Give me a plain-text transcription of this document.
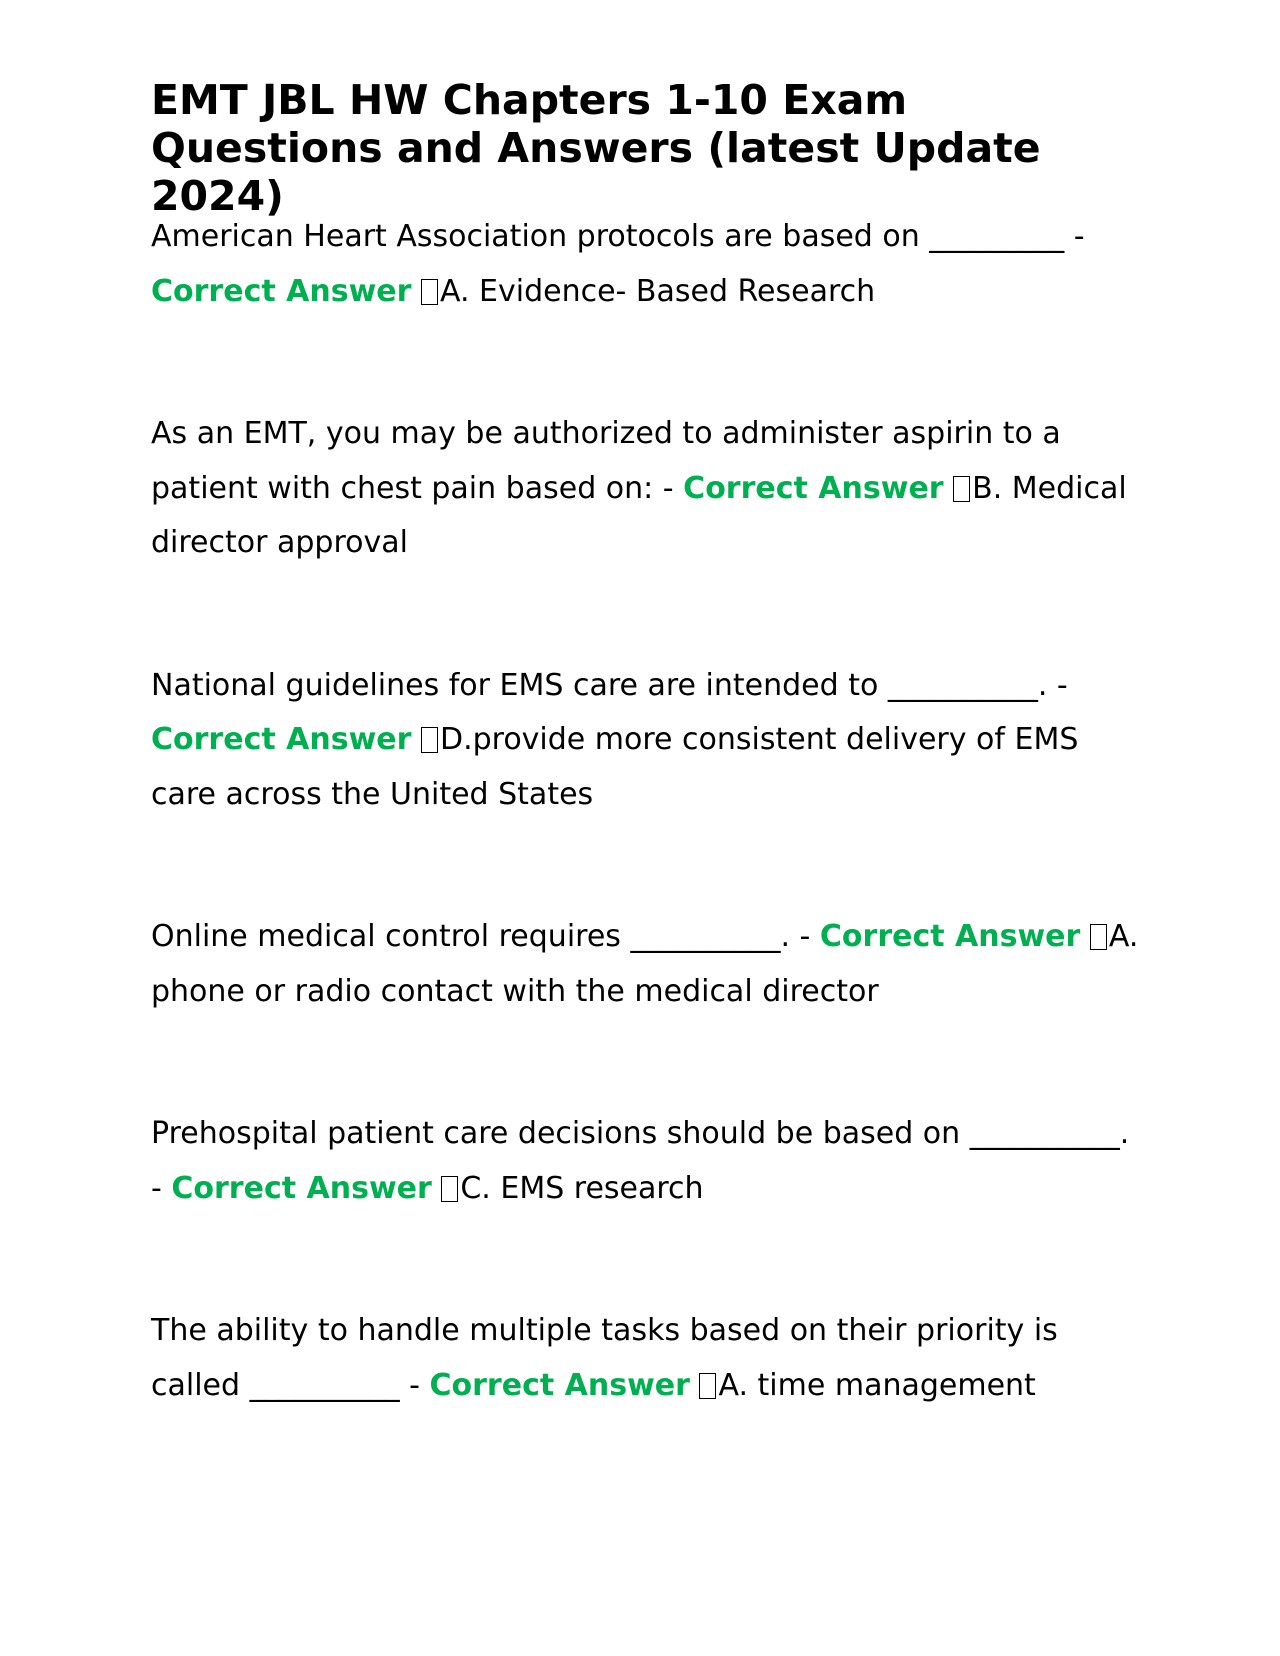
EMT JBL HW Chapters 1-10 Exam Questions and Answers (latest Update 2024)

American Heart Association protocols are based on _________ - Correct Answer A. Evidence- Based Research

As an EMT, you may be authorized to administer aspirin to a patient with chest pain based on: - Correct Answer B. Medical director approval

National guidelines for EMS care are intended to __________. - Correct Answer D.provide more consistent delivery of EMS care across the United States

Online medical control requires __________. - Correct Answer A. phone or radio contact with the medical director

Prehospital patient care decisions should be based on __________. - Correct Answer C. EMS research

The ability to handle multiple tasks based on their priority is called __________ - Correct Answer A. time management
